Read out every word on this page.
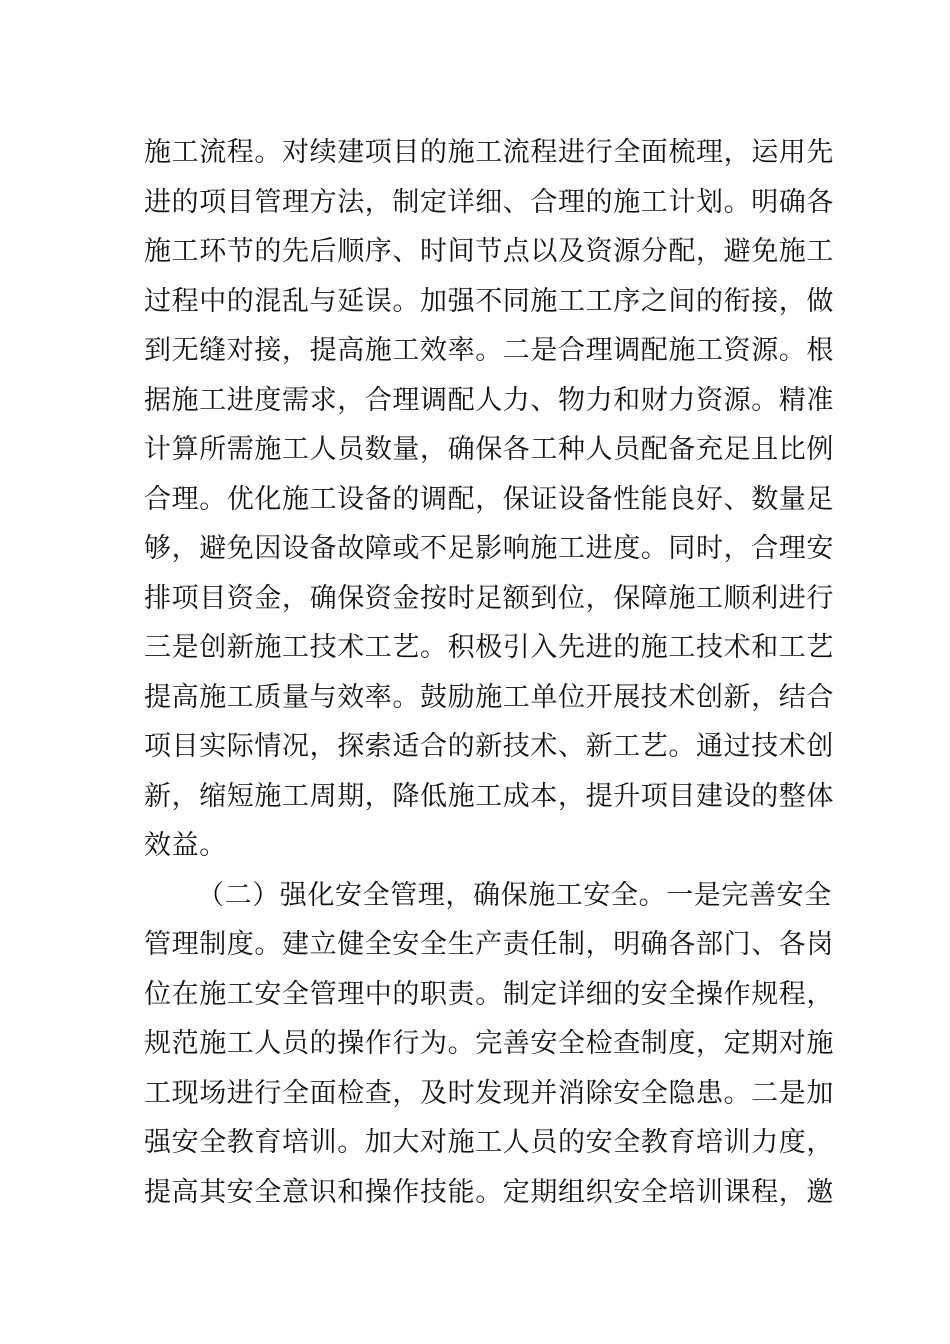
施工流程。对续建项目的施工流程进行全面梳理，运用先
进的项目管理方法，制定详细、合理的施工计划。明确各
施工环节的先后顺序、时间节点以及资源分配，避免施工
过程中的混乱与延误。加强不同施工工序之间的衔接，做
到无缝对接，提高施工效率。二是合理调配施工资源。根
据施工进度需求，合理调配人力、物力和财力资源。精准
计算所需施工人员数量，确保各工种人员配备充足且比例
合理。优化施工设备的调配，保证设备性能良好、数量足
够，避免因设备故障或不足影响施工进度。同时，合理安
排项目资金，确保资金按时足额到位，保障施工顺利进行
三是创新施工技术工艺。积极引入先进的施工技术和工艺
提高施工质量与效率。鼓励施工单位开展技术创新，结合
项目实际情况，探索适合的新技术、新工艺。通过技术创
新，缩短施工周期，降低施工成本，提升项目建设的整体
效益。
（二）强化安全管理，确保施工安全。一是完善安全
管理制度。建立健全安全生产责任制，明确各部门、各岗
位在施工安全管理中的职责。制定详细的安全操作规程，
规范施工人员的操作行为。完善安全检查制度，定期对施
工现场进行全面检查，及时发现并消除安全隐患。二是加
强安全教育培训。加大对施工人员的安全教育培训力度，
提高其安全意识和操作技能。定期组织安全培训课程，邀
